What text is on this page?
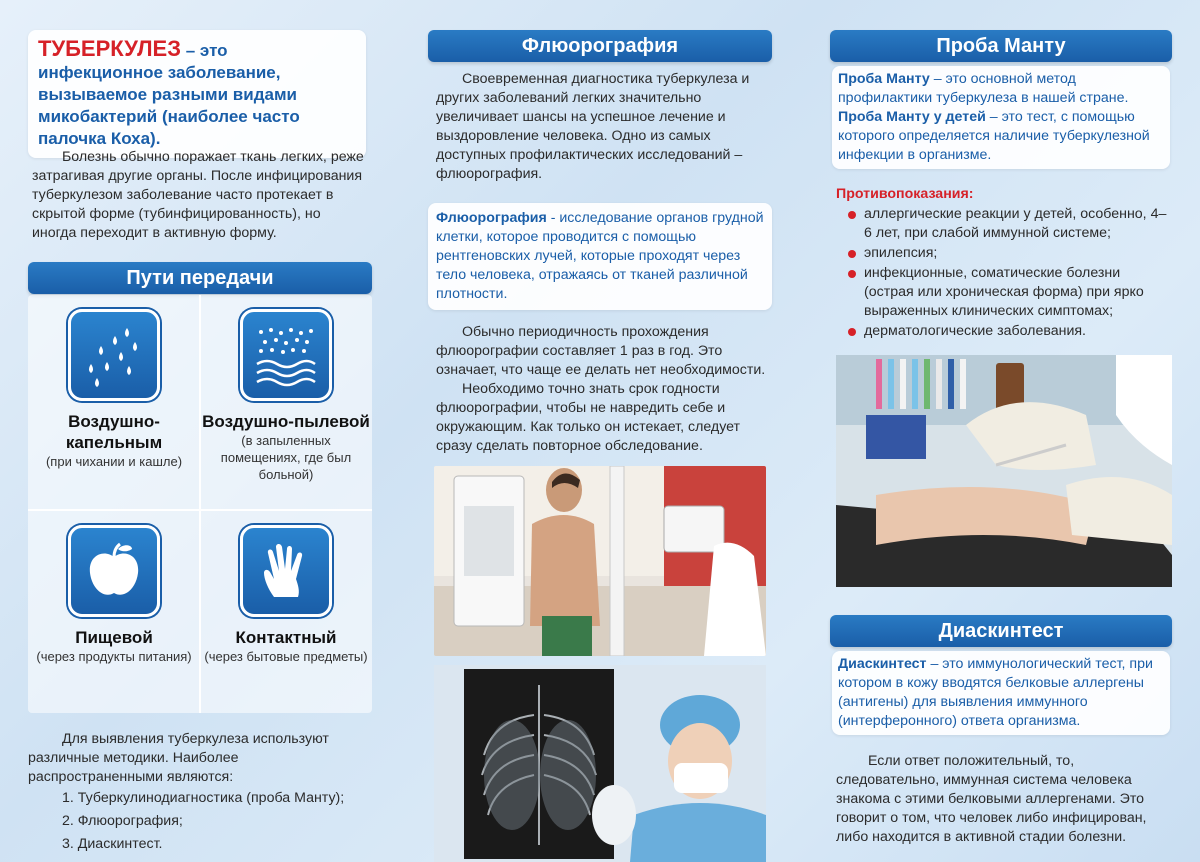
ТУБЕРКУЛЕЗ – это инфекционное заболевание, вызываемое разными видами микобактерий (наиболее часто палочка Коха).

Болезнь обычно поражает ткань легких, реже затрагивая другие органы. После инфицирования туберкулезом заболевание часто протекает в скрытой форме (тубинфицированность), но иногда переходит в активную форму.

Пути передачи
Воздушно-капельным
(при чихании и кашле)
Воздушно-пылевой
(в запыленных помещениях, где был больной)
Пищевой
(через продукты питания)
Контактный
(через бытовые предметы)

Для выявления туберкулеза используют различные методики. Наиболее распространенными являются:

1. Туберкулинодиагностика (проба Манту);
2. Флюорография;
3. Диаскинтест.
Флюорография

Своевременная диагностика туберкулеза и других заболеваний легких значительно увеличивает шансы на успешное лечение и выздоровление человека. Одно из самых доступных профилактических исследований – флюорография.

Флюорография - исследование органов грудной клетки, которое проводится с помощью рентгеновских лучей, которые проходят через тело человека, отражаясь от тканей различной плотности.

Обычно периодичность прохождения флюорографии составляет 1 раз в год. Это означает, что чаще ее делать нет необходимости.

Необходимо точно знать срок годности флюорографии, чтобы не навредить себе и окружающим. Как только он истекает, следует сразу сделать повторное обследование.

Проба Манту

Проба Манту – это основной метод профилактики туберкулеза в нашей стране.

Проба Манту у детей – это тест, с помощью которого определяется наличие туберкулезной инфекции в организме.

Противопоказания:

аллергические реакции у детей, особенно, 4–6 лет, при слабой иммунной системе;
эпилепсия;
инфекционные, соматические болезни (острая или хроническая форма) при ярко выраженных клинических симптомах;
дерматологические заболевания.
Диаскинтест

Диаскинтест – это иммунологический тест, при котором в кожу вводятся белковые аллергены (антигены) для выявления иммунного (интерферонного) ответа организма.

Если ответ положительный, то, следовательно, иммунная система человека знакома с этими белковыми аллергенами. Это говорит о том, что человек либо инфицирован, либо находится в активной стадии болезни.
